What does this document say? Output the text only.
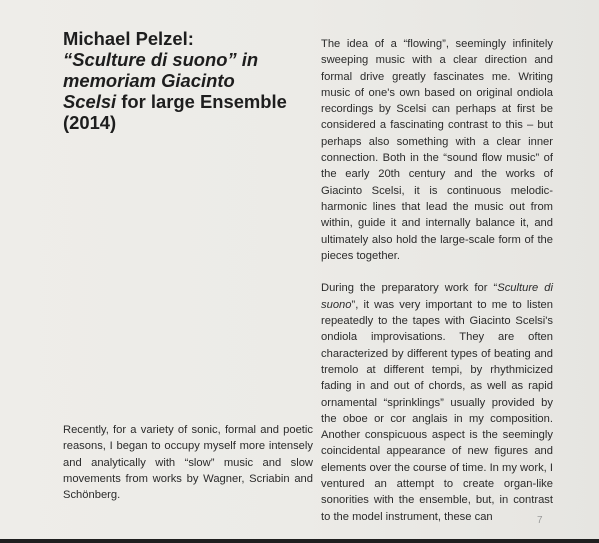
Michael Pelzel:
“Sculture di suono” in
memoriam Giacinto
Scelsi for large Ensemble
(2014)

Recently, for a variety of sonic, formal and poetic reasons, I began to occupy myself more intensely and analytically with “slow” music and slow movements from works by Wagner, Scriabin and Schönberg.

The idea of a “flowing”, seemingly infinitely sweeping music with a clear direction and formal drive greatly fascinates me. Writing music of one's own based on original ondiola recordings by Scelsi can perhaps at first be considered a fascinating contrast to this – but perhaps also something with a clear inner connection. Both in the “sound flow music” of the early 20th century and the works of Giacinto Scelsi, it is continuous melodic-harmonic lines that lead the music out from within, guide it and internally balance it, and ultimately also hold the large-scale form of the pieces together.

During the preparatory work for “Sculture di suono”, it was very important to me to listen repeatedly to the tapes with Giacinto Scelsi's ondiola improvisations. They are often characterized by different types of beating and tremolo at different tempi, by rhythmicized fading in and out of chords, as well as rapid ornamental “sprinklings” usually provided by the oboe or cor anglais in my composition. Another conspicuous aspect is the seemingly coincidental appearance of new figures and elements over the course of time. In my work, I ventured an attempt to create organ-like sonorities with the ensemble, but, in contrast to the model instrument, these can	7
